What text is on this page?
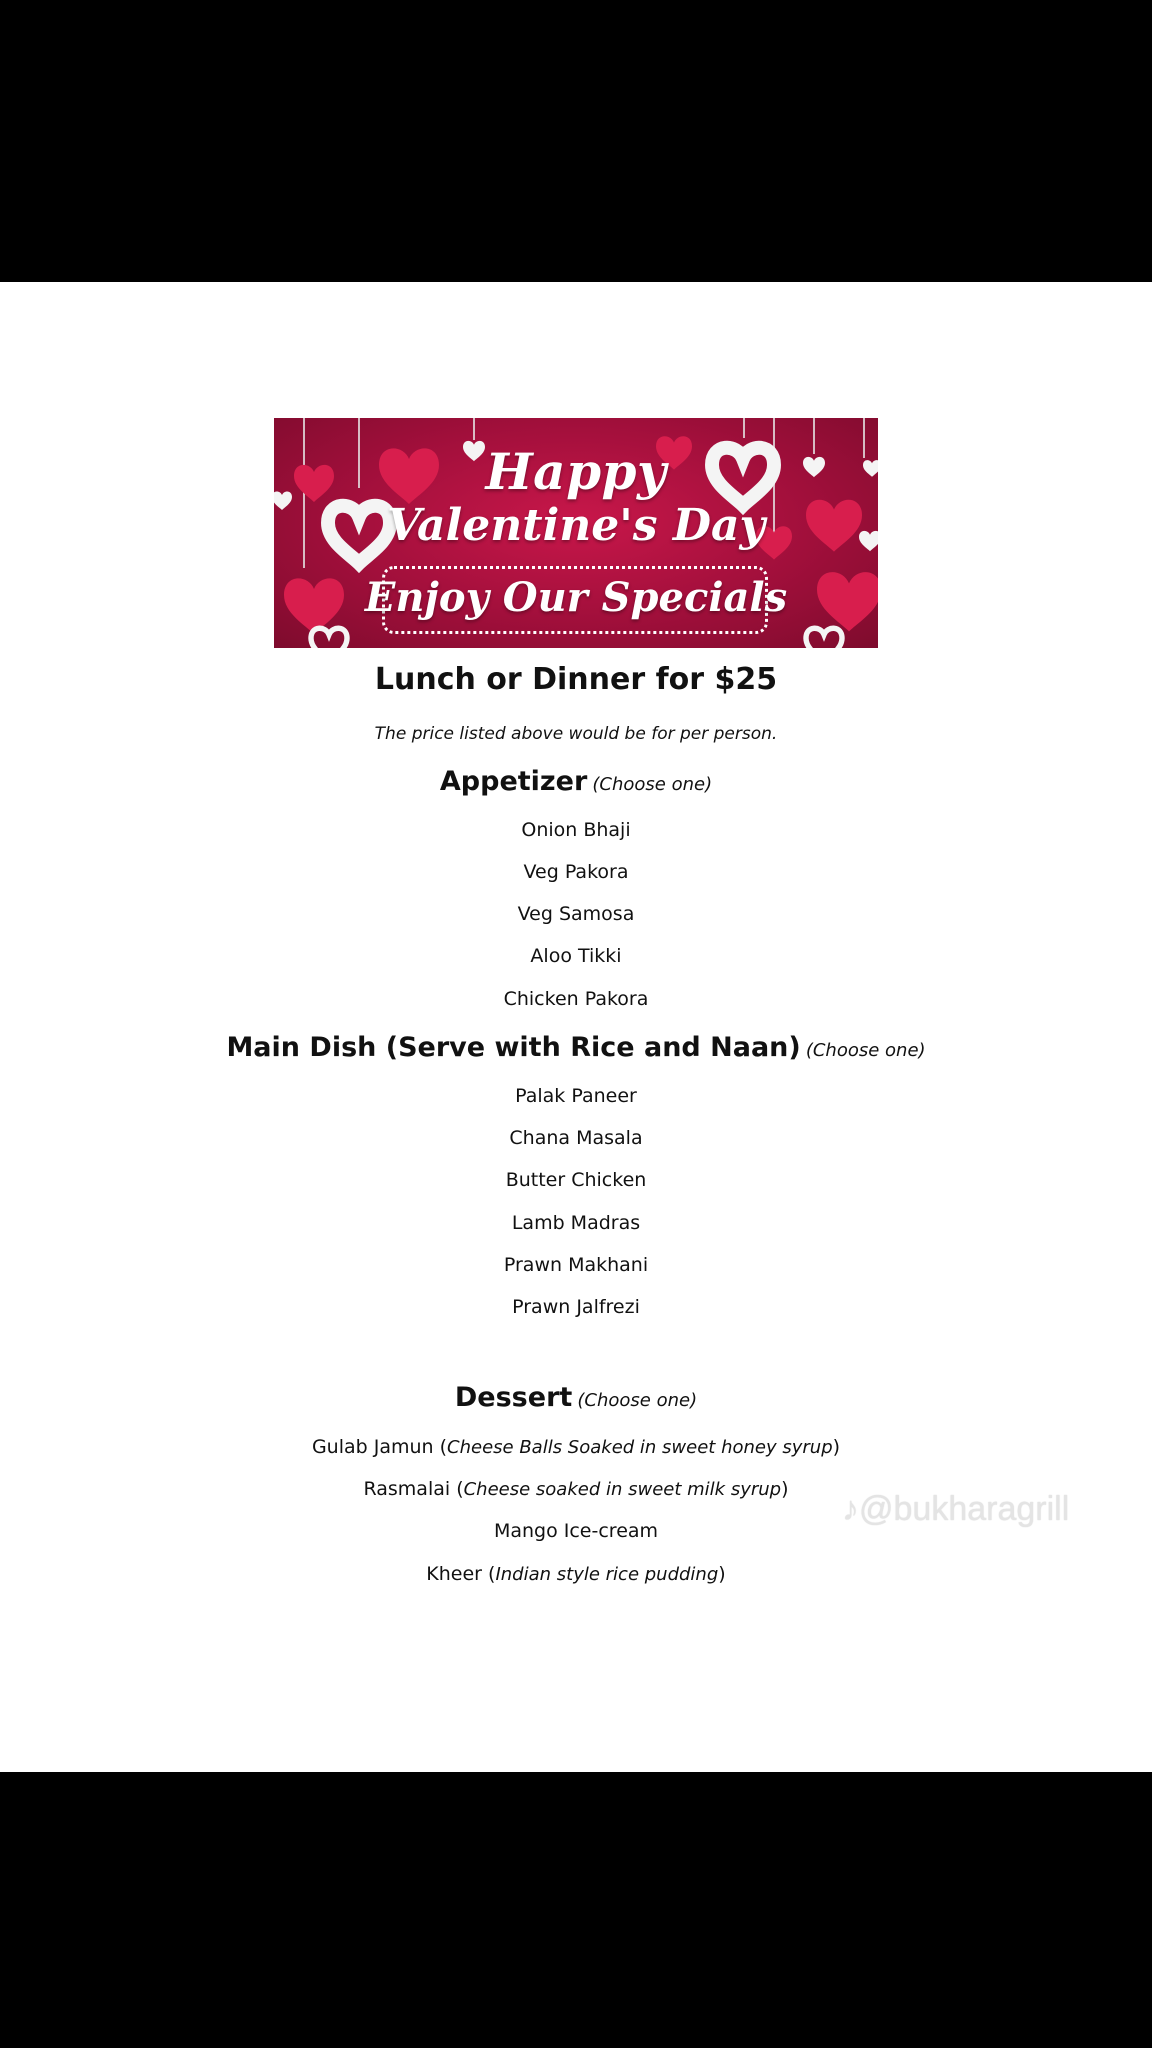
Happy
Valentine's Day
Enjoy Our Specials
Lunch or Dinner for $25
The price listed above would be for per person.
Appetizer (Choose one)
Onion Bhaji
Veg Pakora
Veg Samosa
Aloo Tikki
Chicken Pakora
Main Dish (Serve with Rice and Naan) (Choose one)
Palak Paneer
Chana Masala
Butter Chicken
Lamb Madras
Prawn Makhani
Prawn Jalfrezi
Dessert (Choose one)
Gulab Jamun (Cheese Balls Soaked in sweet honey syrup)
Rasmalai (Cheese soaked in sweet milk syrup)
Mango Ice-cream
Kheer (Indian style rice pudding)
♪@bukharagrill
